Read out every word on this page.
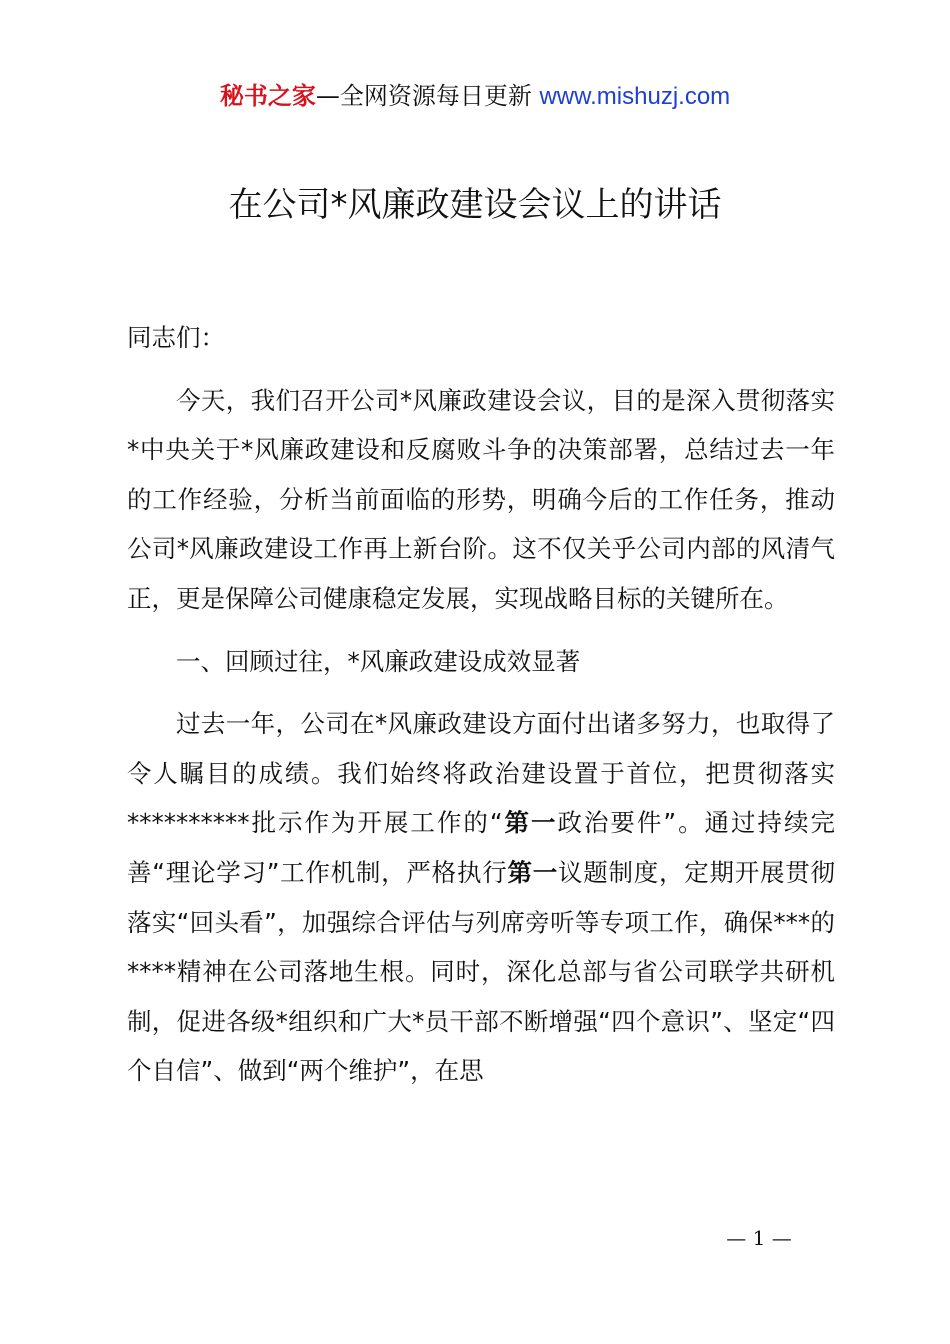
秘书之家—全网资源每日更新 www.mishuzj.com
在公司*风廉政建设会议上的讲话

同志们：

今天，我们召开公司*风廉政建设会议，目的是深入贯彻落实*中央关于*风廉政建设和反腐败斗争的决策部署，总结过去一年的工作经验，分析当前面临的形势，明确今后的工作任务，推动公司*风廉政建设工作再上新台阶。这不仅关乎公司内部的风清气正，更是保障公司健康稳定发展，实现战略目标的关键所在。

一、回顾过往，*风廉政建设成效显著

过去一年，公司在*风廉政建设方面付出诸多努力，也取得了令人瞩目的成绩。我们始终将政治建设置于首位，把贯彻落实**********批示作为开展工作的“第一政治要件”。通过持续完善“理论学习”工作机制，严格执行第一议题制度，定期开展贯彻落实“回头看”，加强综合评估与列席旁听等专项工作，确保***的****精神在公司落地生根。同时，深化总部与省公司联学共研机制，促进各级*组织和广大*员干部不断增强“四个意识”、坚定“四个自信”、做到“两个维护”，在思

— 1 —
